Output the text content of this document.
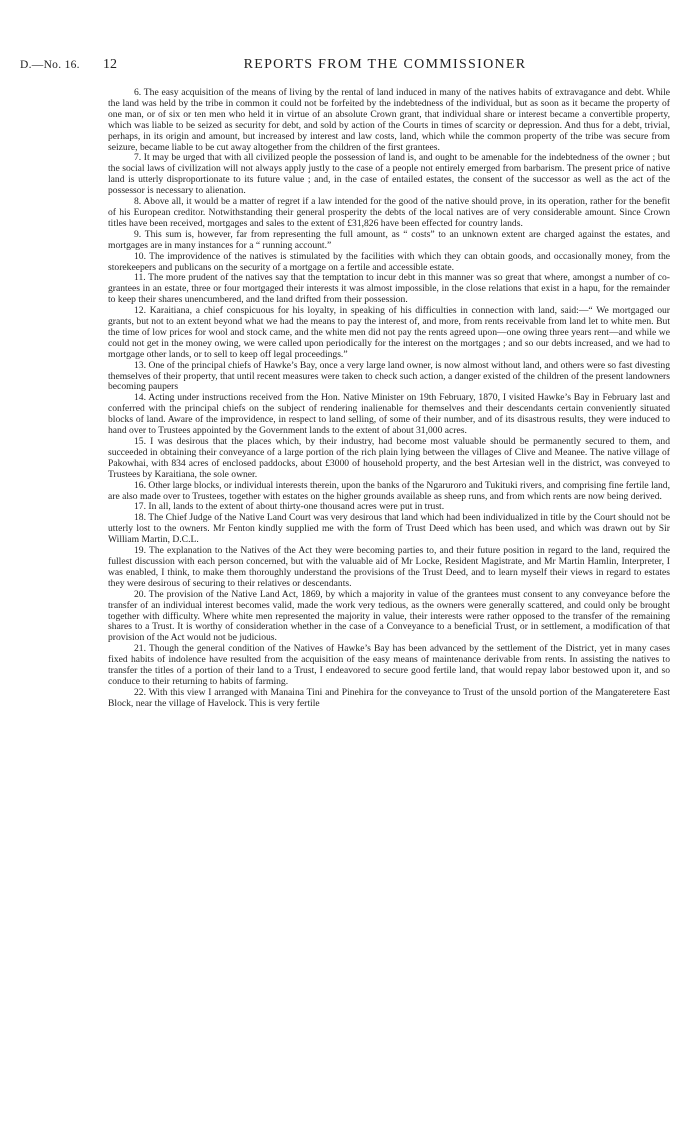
D.—No. 16. 12	REPORTS FROM THE COMMISSIONER

6. The easy acquisition of the means of living by the rental of land induced in many of the natives habits of extravagance and debt. While the land was held by the tribe in common it could not be forfeited by the indebtedness of the individual, but as soon as it became the property of one man, or of six or ten men who held it in virtue of an absolute Crown grant, that individual share or interest became a convertible property, which was liable to be seized as security for debt, and sold by action of the Courts in times of scarcity or depression. And thus for a debt, trivial, perhaps, in its origin and amount, but increased by interest and law costs, land, which while the common property of the tribe was secure from seizure, became liable to be cut away altogether from the children of the first grantees.

7. It may be urged that with all civilized people the possession of land is, and ought to be amenable for the indebtedness of the owner ; but the social laws of civilization will not always apply justly to the case of a people not entirely emerged from barbarism. The present price of native land is utterly disproportionate to its future value ; and, in the case of entailed estates, the consent of the successor as well as the act of the possessor is necessary to alienation.

8. Above all, it would be a matter of regret if a law intended for the good of the native should prove, in its operation, rather for the benefit of his European creditor. Notwithstanding their general prosperity the debts of the local natives are of very considerable amount. Since Crown titles have been received, mortgages and sales to the extent of £31,826 have been effected for country lands.

9. This sum is, however, far from representing the full amount, as “ costs” to an unknown extent are charged against the estates, and mortgages are in many instances for a “ running account.”

10. The improvidence of the natives is stimulated by the facilities with which they can obtain goods, and occasionally money, from the storekeepers and publicans on the security of a mortgage on a fertile and accessible estate.

11. The more prudent of the natives say that the temptation to incur debt in this manner was so great that where, amongst a number of co-grantees in an estate, three or four mortgaged their interests it was almost impossible, in the close relations that exist in a hapu, for the remainder to keep their shares unencumbered, and the land drifted from their possession.

12. Karaitiana, a chief conspicuous for his loyalty, in speaking of his difficulties in connection with land, said:—“ We mortgaged our grants, but not to an extent beyond what we had the means to pay the interest of, and more, from rents receivable from land let to white men. But the time of low prices for wool and stock came, and the white men did not pay the rents agreed upon—one owing three years rent—and while we could not get in the money owing, we were called upon periodically for the interest on the mortgages ; and so our debts increased, and we had to mortgage other lands, or to sell to keep off legal proceedings.”

13. One of the principal chiefs of Hawke’s Bay, once a very large land owner, is now almost without land, and others were so fast divesting themselves of their property, that until recent measures were taken to check such action, a danger existed of the children of the present landowners becoming paupers

14. Acting under instructions received from the Hon. Native Minister on 19th February, 1870, I visited Hawke’s Bay in February last and conferred with the principal chiefs on the subject of rendering inalienable for themselves and their descendants certain conveniently situated blocks of land. Aware of the improvidence, in respect to land selling, of some of their number, and of its disastrous results, they were induced to hand over to Trustees appointed by the Government lands to the extent of about 31,000 acres.

15. I was desirous that the places which, by their industry, had become most valuable should be permanently secured to them, and succeeded in obtaining their conveyance of a large portion of the rich plain lying between the villages of Clive and Meanee. The native village of Pakowhai, with 834 acres of enclosed paddocks, about £3000 of household property, and the best Artesian well in the district, was conveyed to Trustees by Karaitiana, the sole owner.

16. Other large blocks, or individual interests therein, upon the banks of the Ngaruroro and Tukituki rivers, and comprising fine fertile land, are also made over to Trustees, together with estates on the higher grounds available as sheep runs, and from which rents are now being derived.

17. In all, lands to the extent of about thirty-one thousand acres were put in trust.

18. The Chief Judge of the Native Land Court was very desirous that land which had been individualized in title by the Court should not be utterly lost to the owners. Mr Fenton kindly supplied me with the form of Trust Deed which has been used, and which was drawn out by Sir William Martin, D.C.L.

19. The explanation to the Natives of the Act they were becoming parties to, and their future position in regard to the land, required the fullest discussion with each person concerned, but with the valuable aid of Mr Locke, Resident Magistrate, and Mr Martin Hamlin, Interpreter, I was enabled, I think, to make them thoroughly understand the provisions of the Trust Deed, and to learn myself their views in regard to estates they were desirous of securing to their relatives or descendants.

20. The provision of the Native Land Act, 1869, by which a majority in value of the grantees must consent to any conveyance before the transfer of an individual interest becomes valid, made the work very tedious, as the owners were generally scattered, and could only be brought together with difficulty. Where white men represented the majority in value, their interests were rather opposed to the transfer of the remaining shares to a Trust. It is worthy of consideration whether in the case of a Conveyance to a beneficial Trust, or in settlement, a modification of that provision of the Act would not be judicious.

21. Though the general condition of the Natives of Hawke’s Bay has been advanced by the settlement of the District, yet in many cases fixed habits of indolence have resulted from the acquisition of the easy means of maintenance derivable from rents. In assisting the natives to transfer the titles of a portion of their land to a Trust, I endeavored to secure good fertile land, that would repay labor bestowed upon it, and so conduce to their returning to habits of farming.

22. With this view I arranged with Manaina Tini and Pinehira for the conveyance to Trust of the unsold portion of the Mangateretere East Block, near the village of Havelock. This is very fertile
